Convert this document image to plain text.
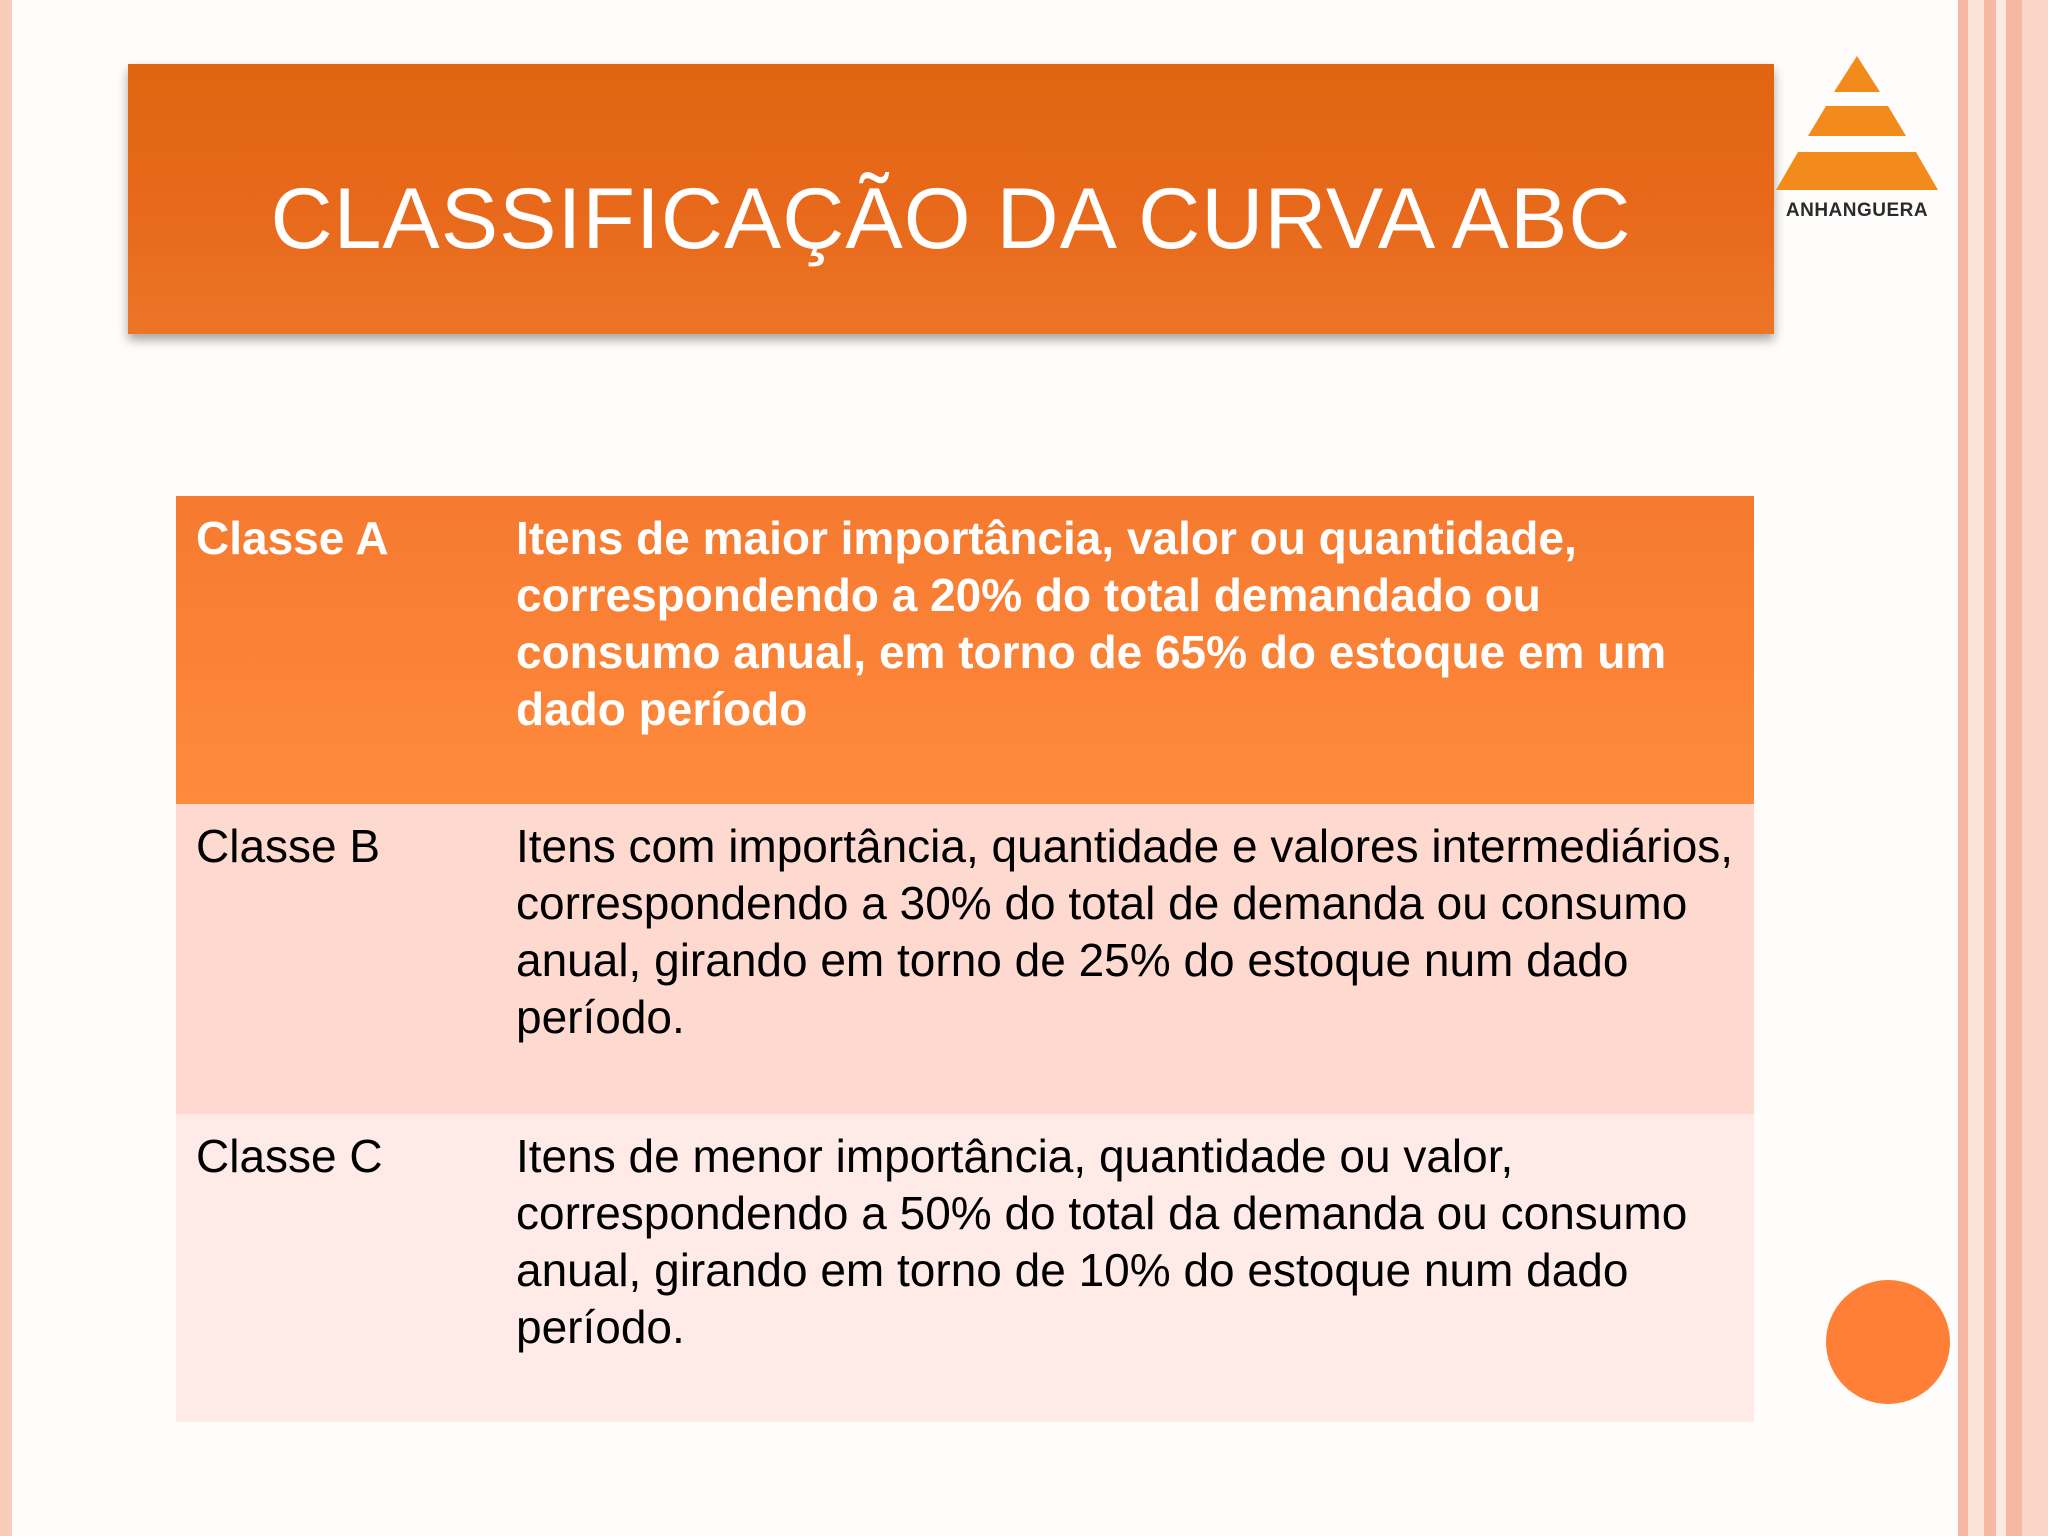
CLASSIFICAÇÃO DA CURVA ABC	ANHANGUERA
Classe A	Itens de maior importância, valor ou quantidade, correspondendo a 20% do total demandado ou consumo anual, em torno de 65% do estoque em um dado período
Classe B	Itens com importância, quantidade e valores intermediários, correspondendo a 30% do total de demanda ou consumo anual, girando em torno de 25% do estoque num dado período.
Classe C	Itens de menor importância, quantidade ou valor, correspondendo a 50% do total da demanda ou consumo anual, girando em torno de 10% do estoque num dado período.
